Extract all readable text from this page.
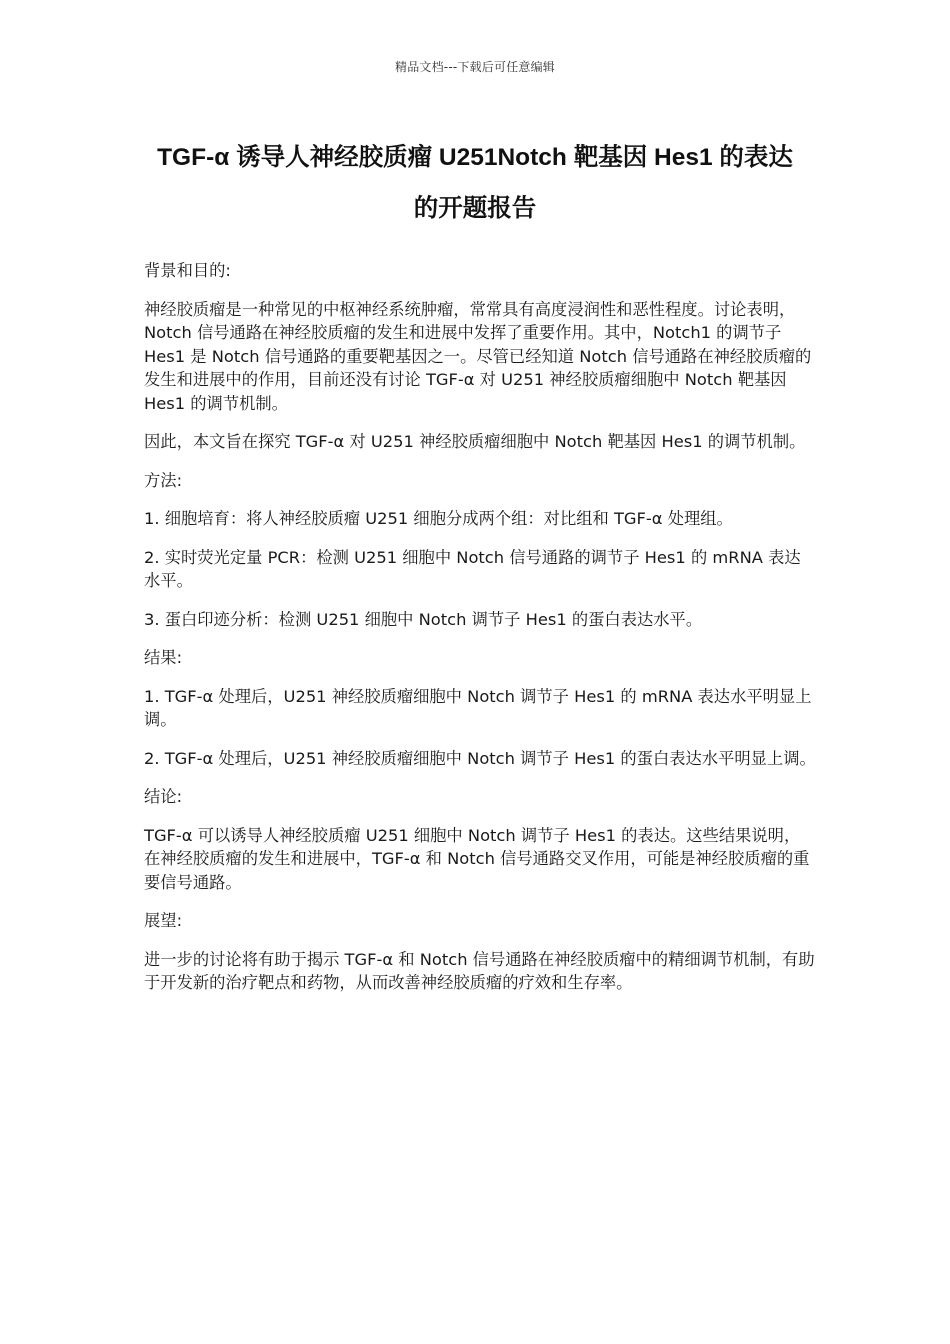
精品文档---下载后可任意编辑
TGF-α 诱导人神经胶质瘤 U251Notch 靶基因 Hes1 的表达
的开题报告

背景和目的:

神经胶质瘤是一种常见的中枢神经系统肿瘤，常常具有高度浸润性和恶性程度。讨论表明，Notch 信号通路在神经胶质瘤的发生和进展中发挥了重要作用。其中，Notch1 的调节子 Hes1 是 Notch 信号通路的重要靶基因之一。尽管已经知道 Notch 信号通路在神经胶质瘤的发生和进展中的作用，目前还没有讨论 TGF-α 对 U251 神经胶质瘤细胞中 Notch 靶基因 Hes1 的调节机制。

因此，本文旨在探究 TGF-α 对 U251 神经胶质瘤细胞中 Notch 靶基因 Hes1 的调节机制。

方法:

1. 细胞培育：将人神经胶质瘤 U251 细胞分成两个组：对比组和 TGF-α 处理组。

2. 实时荧光定量 PCR：检测 U251 细胞中 Notch 信号通路的调节子 Hes1 的 mRNA 表达水平。

3. 蛋白印迹分析：检测 U251 细胞中 Notch 调节子 Hes1 的蛋白表达水平。

结果:

1. TGF-α 处理后，U251 神经胶质瘤细胞中 Notch 调节子 Hes1 的 mRNA 表达水平明显上调。

2. TGF-α 处理后，U251 神经胶质瘤细胞中 Notch 调节子 Hes1 的蛋白表达水平明显上调。

结论:

TGF-α 可以诱导人神经胶质瘤 U251 细胞中 Notch 调节子 Hes1 的表达。这些结果说明，在神经胶质瘤的发生和进展中，TGF-α 和 Notch 信号通路交叉作用，可能是神经胶质瘤的重要信号通路。

展望:

进一步的讨论将有助于揭示 TGF-α 和 Notch 信号通路在神经胶质瘤中的精细调节机制，有助于开发新的治疗靶点和药物，从而改善神经胶质瘤的疗效和生存率。
